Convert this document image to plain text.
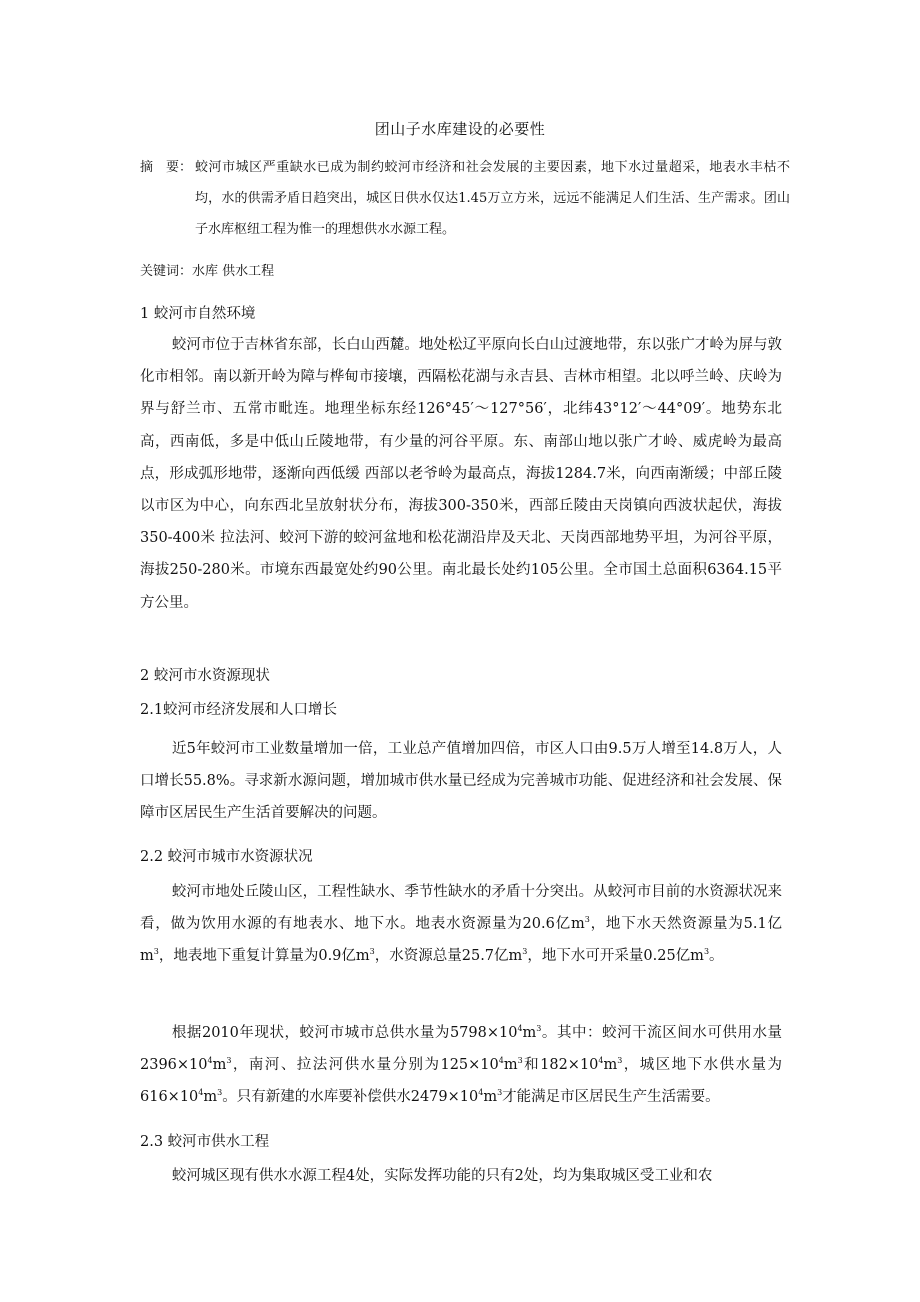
团山子水库建设的必要性
摘　要： 蛟河市城区严重缺水已成为制约蛟河市经济和社会发展的主要因素，地下水过量超采，地表水丰枯不均，水的供需矛盾日趋突出，城区日供水仅达1.45万立方米，远远不能满足人们生活、生产需求。团山子水库枢纽工程为惟一的理想供水水源工程。
关键词：水库 供水工程
1 蛟河市自然环境

蛟河市位于吉林省东部，长白山西麓。地处松辽平原向长白山过渡地带，东以张广才岭为屏与敦化市相邻。南以新开岭为障与桦甸市接壤，西隔松花湖与永吉县、吉林市相望。北以呼兰岭、庆岭为界与舒兰市、五常市毗连。地理坐标东经126°45′～127°56′，北纬43°12′～44°09′。地势东北高，西南低，多是中低山丘陵地带，有少量的河谷平原。东、南部山地以张广才岭、威虎岭为最高点，形成弧形地带，逐渐向西低缓 西部以老爷岭为最高点，海拔1284.7米，向西南渐缓；中部丘陵以市区为中心，向东西北呈放射状分布，海拔300-350米，西部丘陵由天岗镇向西波状起伏，海拔350-400米 拉法河、蛟河下游的蛟河盆地和松花湖沿岸及天北、天岗西部地势平坦，为河谷平原，海拔250-280米。市境东西最宽处约90公里。南北最长处约105公里。全市国土总面积6364.15平方公里。

2 蛟河市水资源现状
2.1蛟河市经济发展和人口增长

近5年蛟河市工业数量增加一倍，工业总产值增加四倍，市区人口由9.5万人增至14.8万人，人口增长55.8%。寻求新水源问题，增加城市供水量已经成为完善城市功能、促进经济和社会发展、保障市区居民生产生活首要解决的问题。

2.2 蛟河市城市水资源状况

蛟河市地处丘陵山区，工程性缺水、季节性缺水的矛盾十分突出。从蛟河市目前的水资源状况来看，做为饮用水源的有地表水、地下水。地表水资源量为20.6亿$m^3$，地下水天然资源量为5.1亿$m^3$，地表地下重复计算量为0.9亿$m^3$，水资源总量25.7亿$m^3$，地下水可开采量0.25亿$m^3$。

根据2010年现状，蛟河市城市总供水量为$5798\times 10^4m^3$。其中：蛟河干流区间水可供用水量$2396\times 10^4m^3$，南河、拉法河供水量分别为$125\times 10^4m^3$和$182\times 10^4m^3$，城区地下水供水量为$616\times 10^4m^3$。只有新建的水库要补偿供水$2479\times 10^4m^3$才能满足市区居民生产生活需要。

2.3 蛟河市供水工程

蛟河城区现有供水水源工程4处，实际发挥功能的只有2处，均为集取城区受工业和农
